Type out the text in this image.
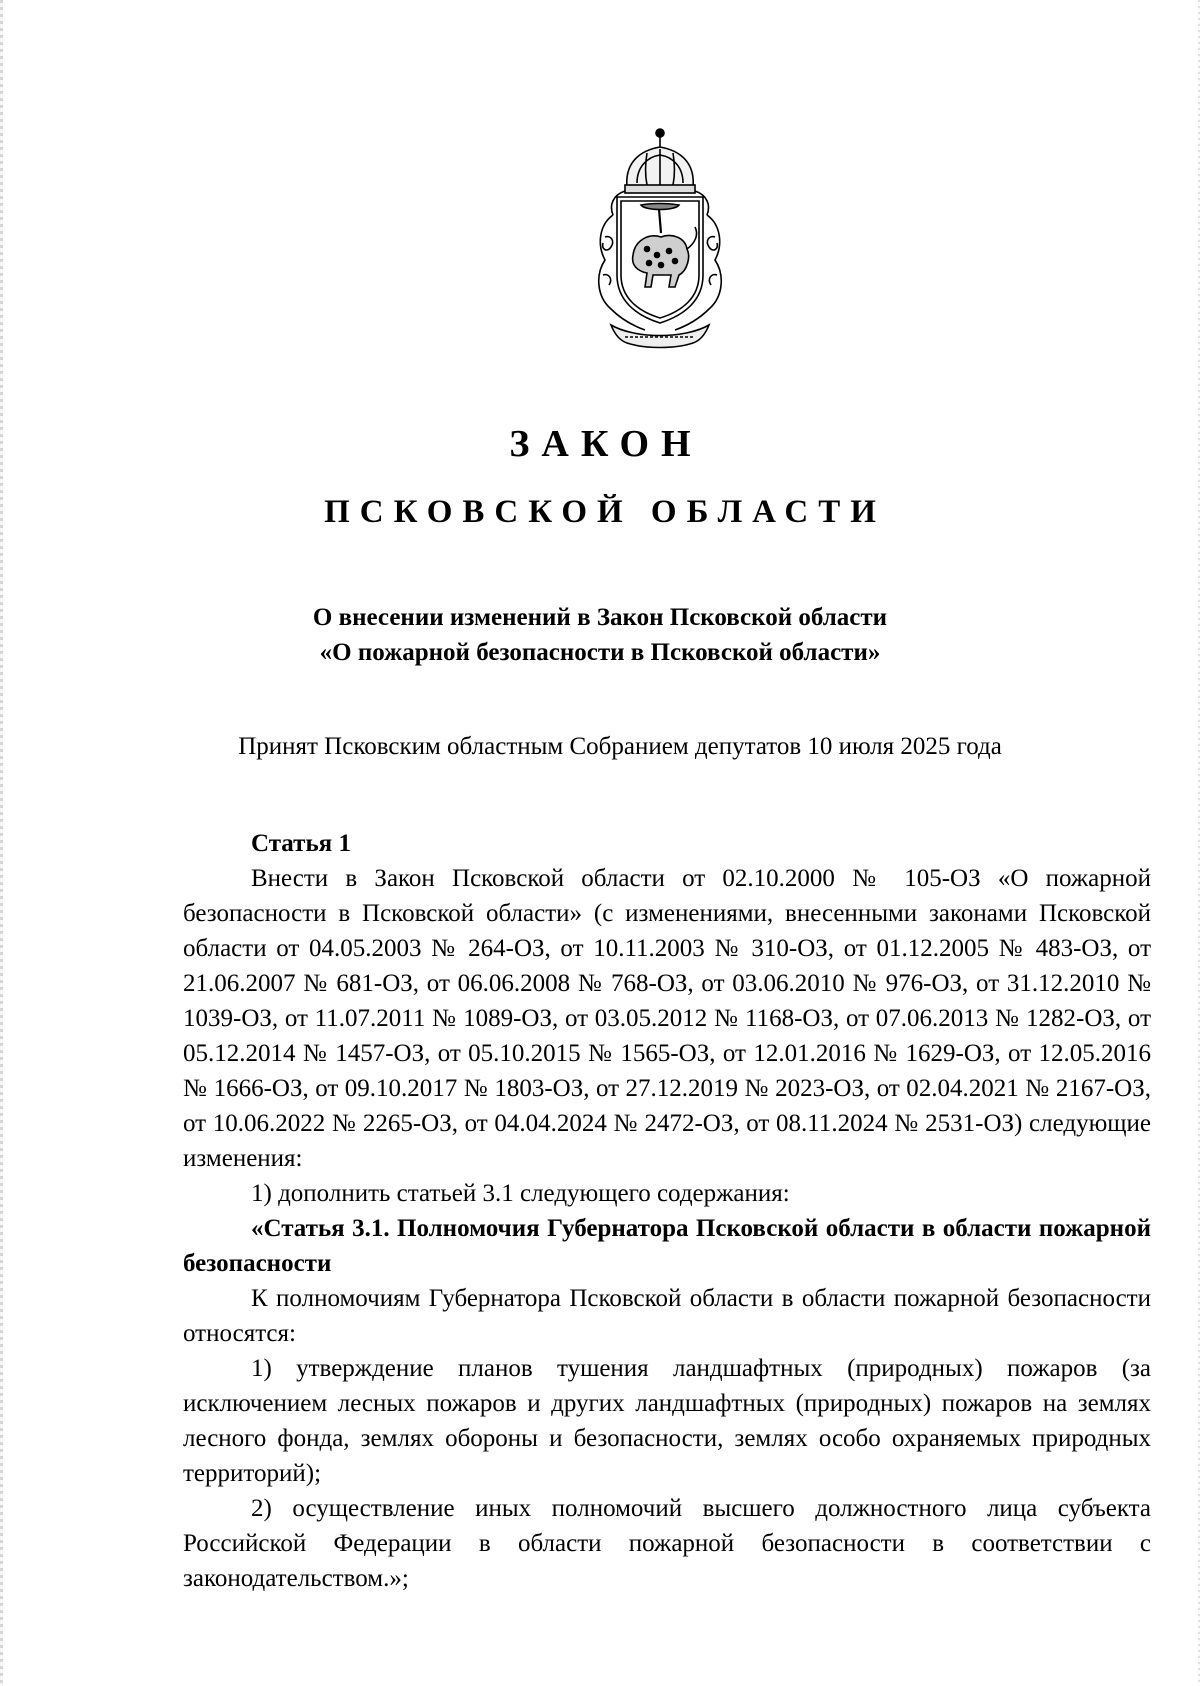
ЗАКОН
ПСКОВСКОЙ ОБЛАСТИ
О внесении изменений в Закон Псковской области
«О пожарной безопасности в Псковской области»
Принят Псковским областным Собранием депутатов 10 июля 2025 года

Статья 1

Внести в Закон Псковской области от 02.10.2000 № 105-ОЗ «О пожарной безопасности в Псковской области» (с изменениями, внесенными законами Псковской области от 04.05.2003 № 264-ОЗ, от 10.11.2003 № 310-ОЗ, от 01.12.2005 № 483-ОЗ, от 21.06.2007 № 681-ОЗ, от 06.06.2008 № 768-ОЗ, от 03.06.2010 № 976-ОЗ, от 31.12.2010 № 1039-ОЗ, от 11.07.2011 № 1089-ОЗ, от 03.05.2012 № 1168-ОЗ, от 07.06.2013 № 1282-ОЗ, от 05.12.2014 № 1457-ОЗ, от 05.10.2015 № 1565-ОЗ, от 12.01.2016 № 1629-ОЗ, от 12.05.2016 № 1666-ОЗ, от 09.10.2017 № 1803-ОЗ, от 27.12.2019 № 2023-ОЗ, от 02.04.2021 № 2167-ОЗ, от 10.06.2022 № 2265-ОЗ, от 04.04.2024 № 2472-ОЗ, от 08.11.2024 № 2531-ОЗ) следующие изменения:

1) дополнить статьей 3.1 следующего содержания:

«Статья 3.1. Полномочия Губернатора Псковской области в области пожарной безопасности

К полномочиям Губернатора Псковской области в области пожарной безопасности относятся:

1) утверждение планов тушения ландшафтных (природных) пожаров (за исключением лесных пожаров и других ландшафтных (природных) пожаров на землях лесного фонда, землях обороны и безопасности, землях особо охраняемых природных территорий);

2) осуществление иных полномочий высшего должностного лица субъекта Российской Федерации в области пожарной безопасности в соответствии с законодательством.»;
